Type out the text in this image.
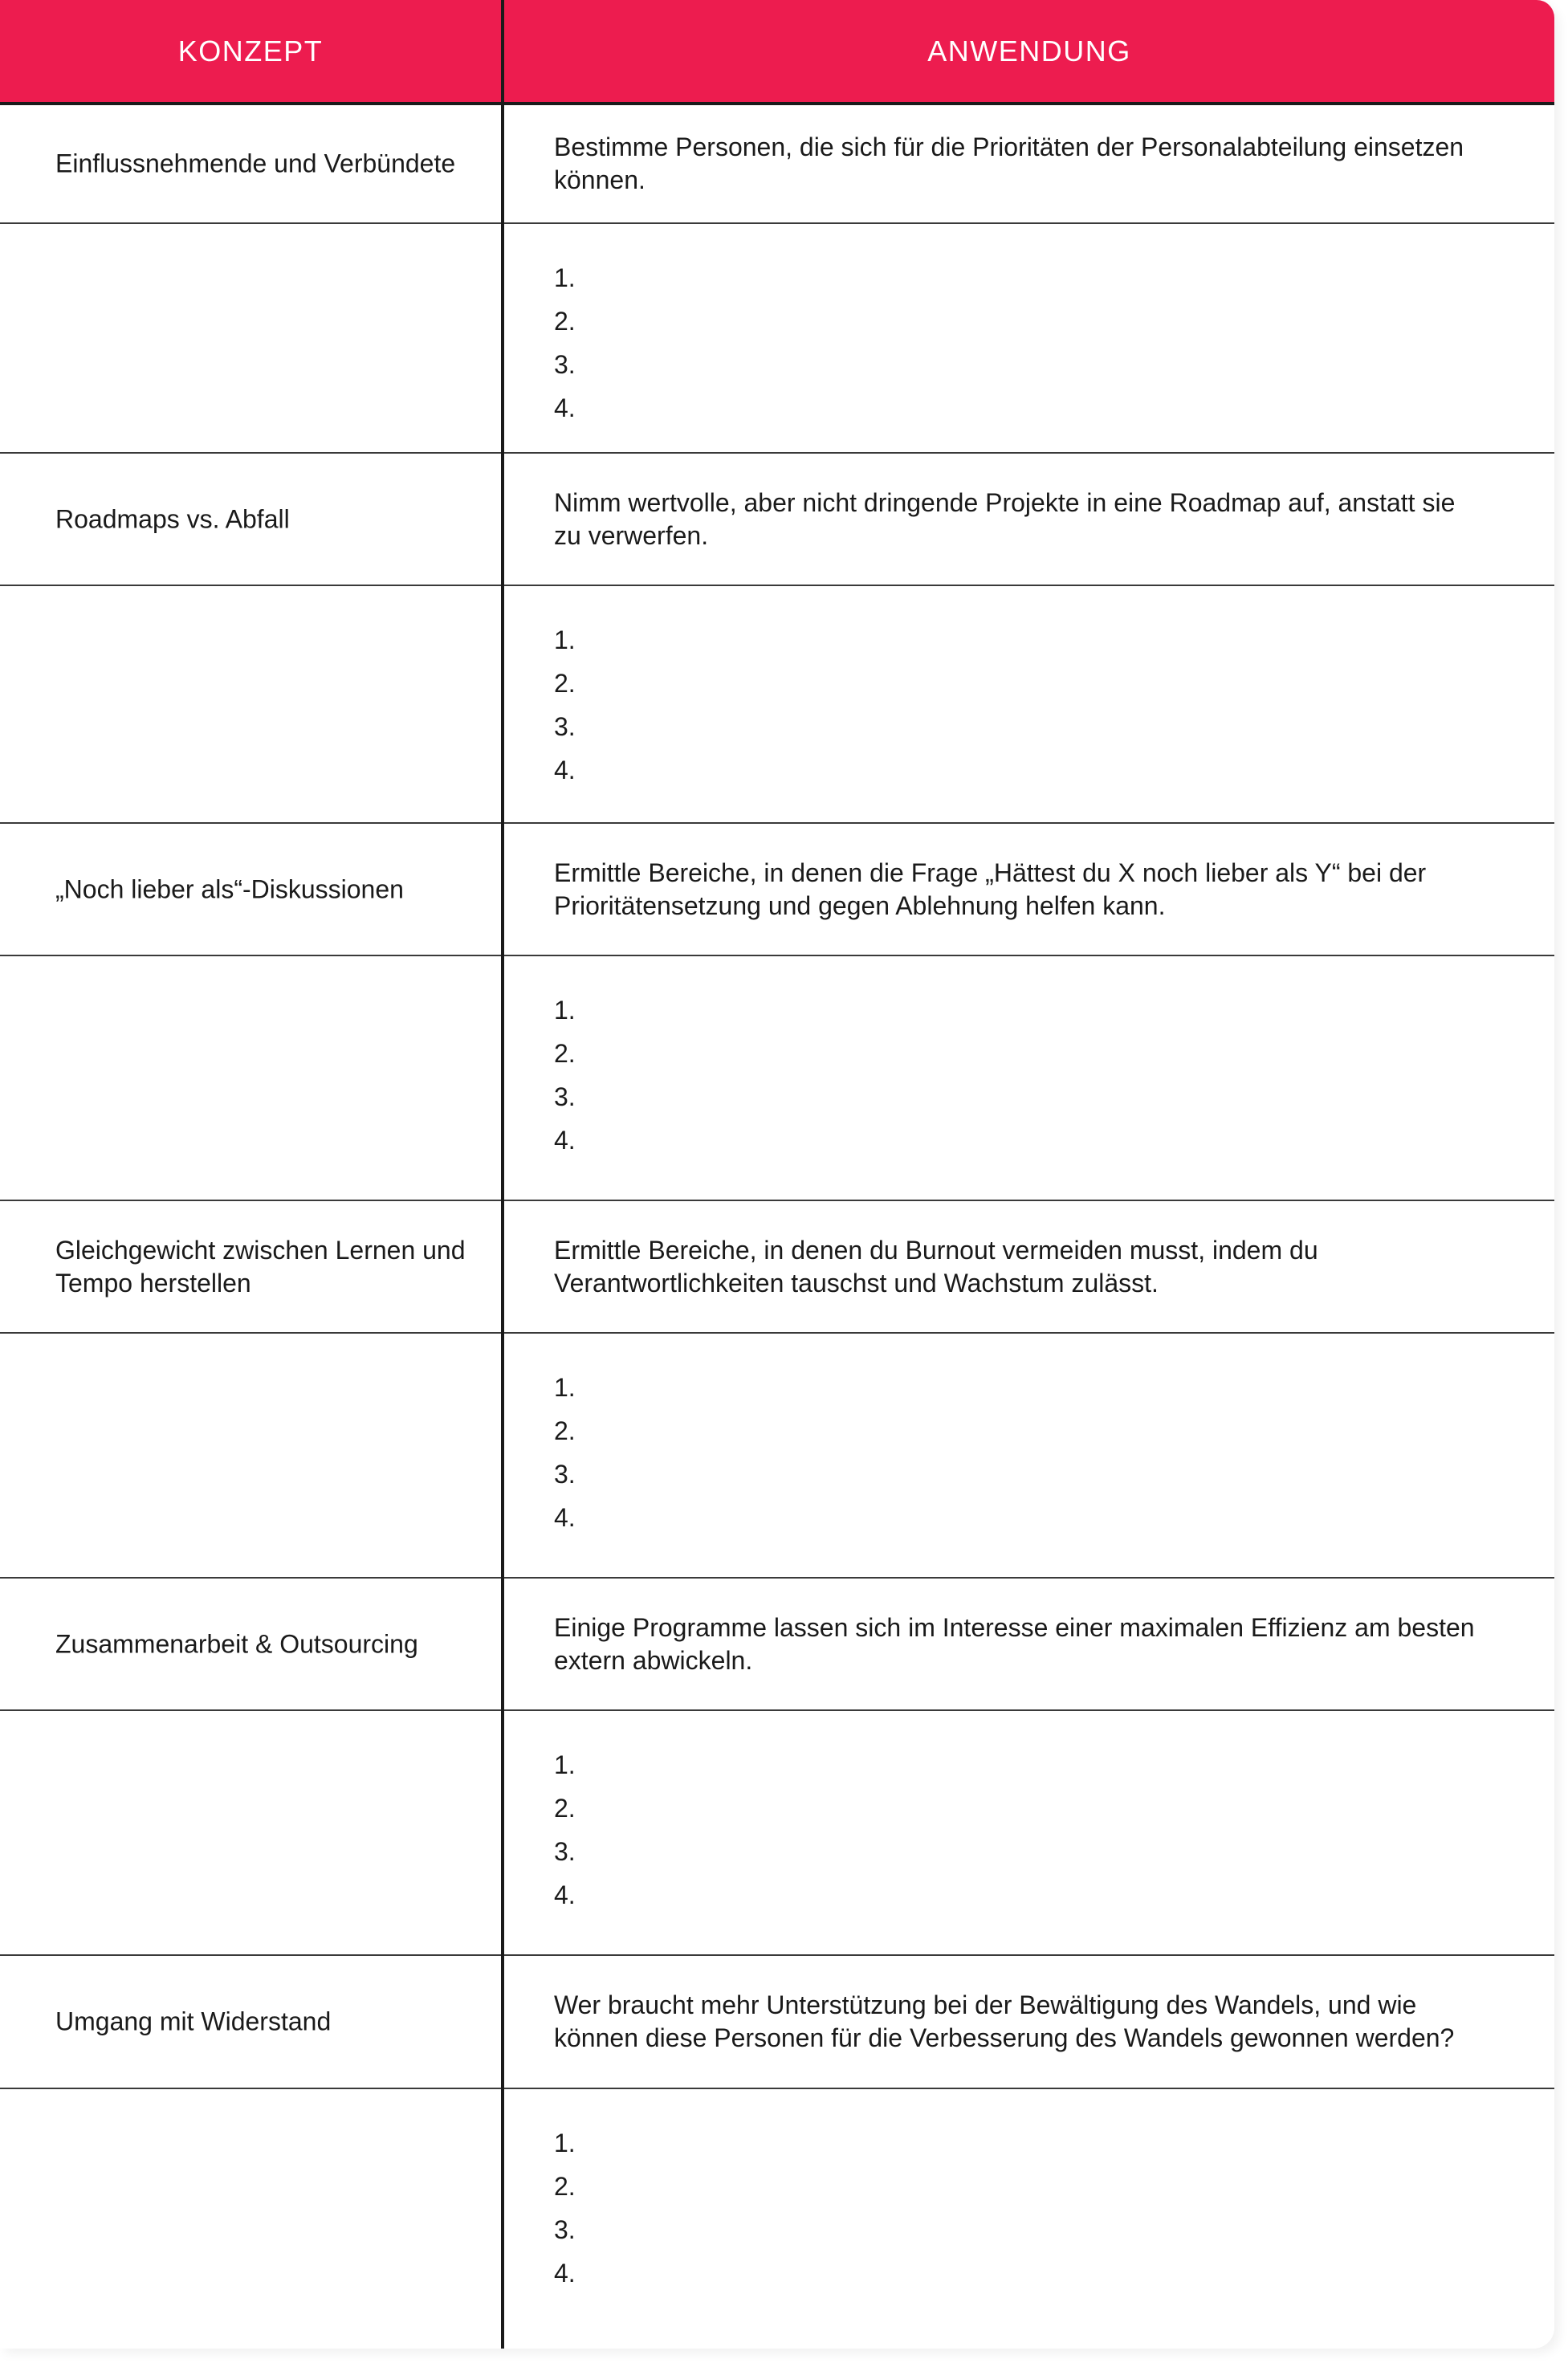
KONZEPT	ANWENDUNG
Einflussnehmende und Verbündete
Bestimme Personen, die sich für die Prioritäten der Personalabteilung einsetzen können.
1.
2.
3.
4.
Roadmaps vs. Abfall
Nimm wertvolle, aber nicht dringende Projekte in eine Roadmap auf, anstatt sie zu verwerfen.
1.
2.
3.
4.
„Noch lieber als“-Diskussionen
Ermittle Bereiche, in denen die Frage „Hättest du X noch lieber als Y“ bei der Prioritätensetzung und gegen Ablehnung helfen kann.
1.
2.
3.
4.
Gleichgewicht zwischen Lernen und Tempo herstellen
Ermittle Bereiche, in denen du Burnout vermeiden musst, indem du Verantwortlichkeiten tauschst und Wachstum zulässt.
1.
2.
3.
4.
Zusammenarbeit & Outsourcing
Einige Programme lassen sich im Interesse einer maximalen Effizienz am besten extern abwickeln.
1.
2.
3.
4.
Umgang mit Widerstand
Wer braucht mehr Unterstützung bei der Bewältigung des Wandels, und wie können diese Personen für die Verbesserung des Wandels gewonnen werden?
1.
2.
3.
4.
